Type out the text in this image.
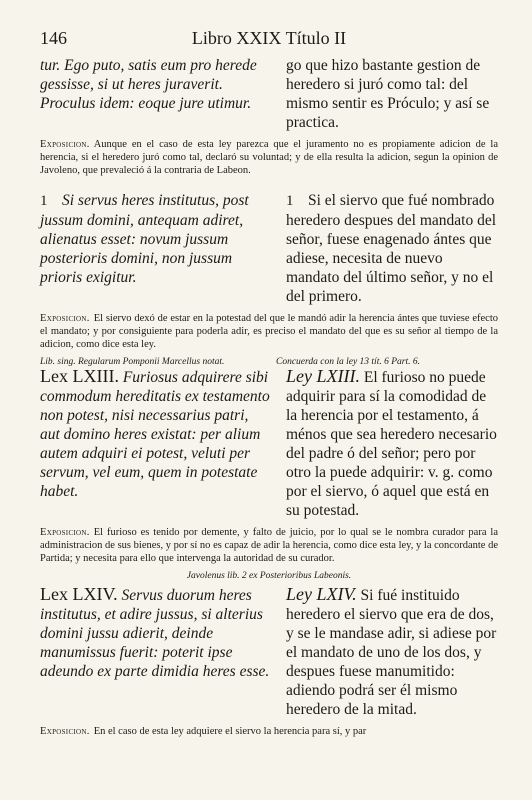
146	Libro XXIX Título II
tur. Ego puto, satis eum pro herede gessisse, si ut heres juraverit. Proculus idem: eoque jure utimur.
go que hizo bastante gestion de heredero si juró como tal: del mismo sentir es Próculo; y así se practica.
Exposicion. Aunque en el caso de esta ley parezca que el juramento no es propiamente adicion de la herencia, si el heredero juró como tal, declaró su voluntad; y de ella resulta la adicion, segun la opinion de Javoleno, que prevaleció á la contraria de Labeon.
1 Si servus heres institutus, post jussum domini, antequam adiret, alienatus esset: novum jussum posterioris domini, non jussum prioris exigitur.
1 Si el siervo que fué nombrado heredero despues del mandato del señor, fuese enagenado ántes que adiese, necesita de nuevo mandato del último señor, y no el del primero.
Exposicion. El siervo dexó de estar en la potestad del que le mandó adir la herencia ántes que tuviese efecto el mandato; y por consiguiente para poderla adir, es preciso el mandato del que es su señor al tiempo de la adicion, como dice esta ley.
Lib. sing. Regularum Pomponii Marcellus notat.	Concuerda con la ley 13 tít. 6 Part. 6.
Lex LXIII. Furiosus adquirere sibi commodum hereditatis ex testamento non potest, nisi necessarius patri, aut domino heres existat: per alium autem adquiri ei potest, veluti per servum, vel eum, quem in potestate habet.
Ley LXIII. El furioso no puede adquirir para sí la comodidad de la herencia por el testamento, á ménos que sea heredero necesario del padre ó del señor; pero por otro la puede adquirir: v. g. como por el siervo, ó aquel que está en su potestad.
Exposicion. El furioso es tenido por demente, y falto de juicio, por lo qual se le nombra curador para la administracion de sus bienes, y por sí no es capaz de adir la herencia, como dice esta ley, y la concordante de Partida; y necesita para ello que intervenga la autoridad de su curador.
Javolenus lib. 2 ex Posterioribus Labeonis.
Lex LXIV. Servus duorum heres institutus, et adire jussus, si alterius domini jussu adierit, deinde manumissus fuerit: poterit ipse adeundo ex parte dimidia heres esse.
Ley LXIV. Si fué instituido heredero el siervo que era de dos, y se le mandase adir, si adiese por el mandato de uno de los dos, y despues fuese manumitido: adiendo podrá ser él mismo heredero de la mitad.
Exposicion. En el caso de esta ley adquiere el siervo la herencia para sí, y par
